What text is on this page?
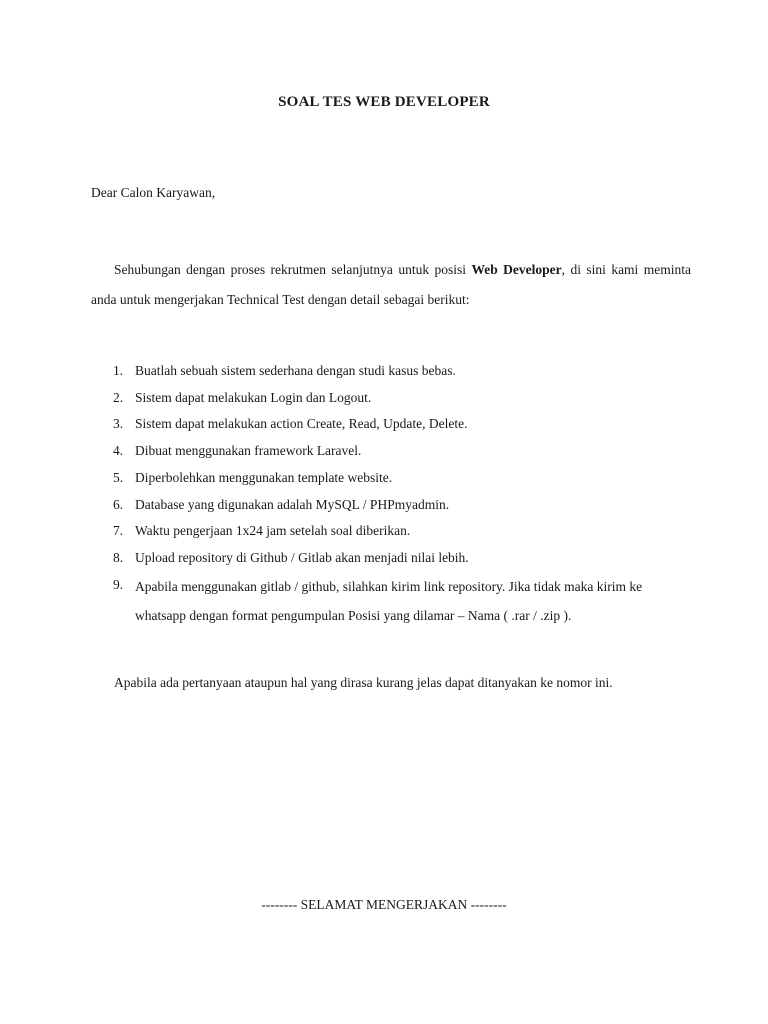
SOAL TES WEB DEVELOPER
Dear Calon Karyawan,

Sehubungan dengan proses rekrutmen selanjutnya untuk posisi Web Developer, di sini kami meminta anda untuk mengerjakan Technical Test dengan detail sebagai berikut:

1. Buatlah sebuah sistem sederhana dengan studi kasus bebas.
2. Sistem dapat melakukan Login dan Logout.
3. Sistem dapat melakukan action Create, Read, Update, Delete.
4. Dibuat menggunakan framework Laravel.
5. Diperbolehkan menggunakan template website.
6. Database yang digunakan adalah MySQL / PHPmyadmin.
7. Waktu pengerjaan 1x24 jam setelah soal diberikan.
8. Upload repository di Github / Gitlab akan menjadi nilai lebih.
9. Apabila menggunakan gitlab / github, silahkan kirim link repository. Jika tidak maka kirim ke whatsapp dengan format pengumpulan Posisi yang dilamar – Nama ( .rar / .zip ).
Apabila ada pertanyaan ataupun hal yang dirasa kurang jelas dapat ditanyakan ke nomor ini.
-------- SELAMAT MENGERJAKAN --------
